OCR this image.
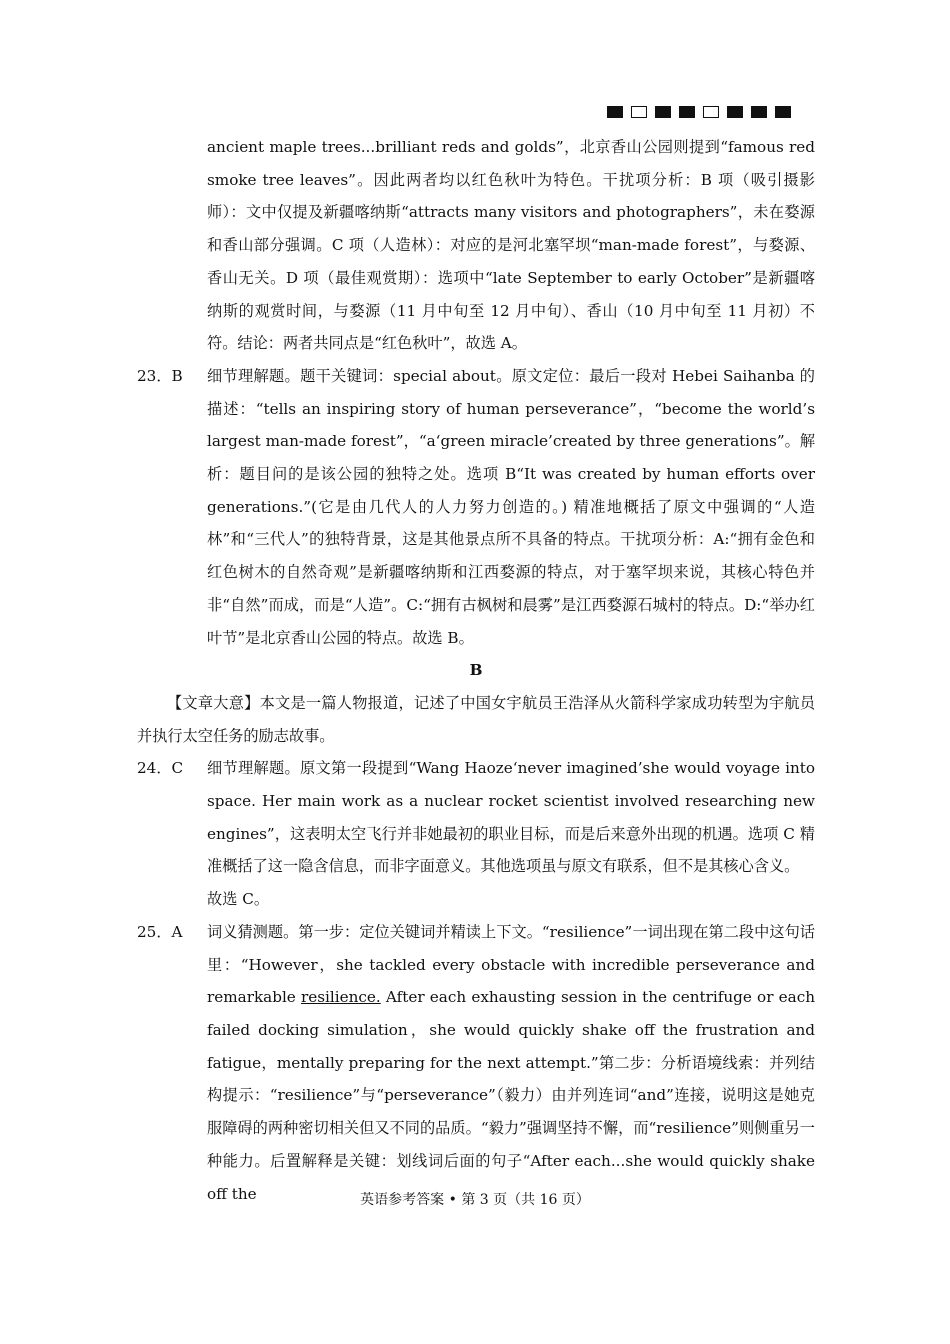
ancient maple trees...brilliant reds and golds”，北京香山公园则提到“famous red smoke tree leaves”。因此两者均以红色秋叶为特色。干扰项分析：B 项（吸引摄影师）：文中仅提及新疆喀纳斯“attracts many visitors and photographers”，未在婺源和香山部分强调。C 项（人造林）：对应的是河北塞罕坝“man-made forest”，与婺源、香山无关。D 项（最佳观赏期）：选项中“late September to early October”是新疆喀纳斯的观赏时间，与婺源（11 月中旬至 12 月中旬）、香山（10 月中旬至 11 月初）不符。结论：两者共同点是“红色秋叶”，故选 A。
23．B	细节理解题。题干关键词：special about。原文定位：最后一段对 Hebei Saihanba 的描述：“tells an inspiring story of human perseverance”，“become the world’s largest man-made forest”，“a‘green miracle’created by three generations”。解析：题目问的是该公园的独特之处。选项 B“It was created by human efforts over generations.”(它是由几代人的人力努力创造的。) 精准地概括了原文中强调的“人造林”和“三代人”的独特背景，这是其他景点所不具备的特点。干扰项分析：A:“拥有金色和红色树木的自然奇观”是新疆喀纳斯和江西婺源的特点，对于塞罕坝来说，其核心特色并非“自然”而成，而是“人造”。C:“拥有古枫树和晨雾”是江西婺源石城村的特点。D:“举办红叶节”是北京香山公园的特点。故选 B。
B
【文章大意】本文是一篇人物报道，记述了中国女宇航员王浩泽从火箭科学家成功转型为宇航员并执行太空任务的励志故事。
24．C	细节理解题。原文第一段提到“Wang Haoze‘never imagined’she would voyage into space. Her main work as a nuclear rocket scientist involved researching new engines”，这表明太空飞行并非她最初的职业目标，而是后来意外出现的机遇。选项 C 精准概括了这一隐含信息，而非字面意义。其他选项虽与原文有联系，但不是其核心含义。
故选 C。
25．A	词义猜测题。第一步：定位关键词并精读上下文。“resilience”一词出现在第二段中这句话里：“However，she tackled every obstacle with incredible perseverance and remarkable resilience. After each exhausting session in the centrifuge or each failed docking simulation，she would quickly shake off the frustration and fatigue，mentally preparing for the next attempt.”第二步：分析语境线索：并列结构提示：“resilience”与“perseverance”（毅力）由并列连词“and”连接，说明这是她克服障碍的两种密切相关但又不同的品质。“毅力”强调坚持不懈，而“resilience”则侧重另一种能力。后置解释是关键：划线词后面的句子“After each...she would quickly shake off the	英语参考答案 • 第 3 页（共 16 页）
